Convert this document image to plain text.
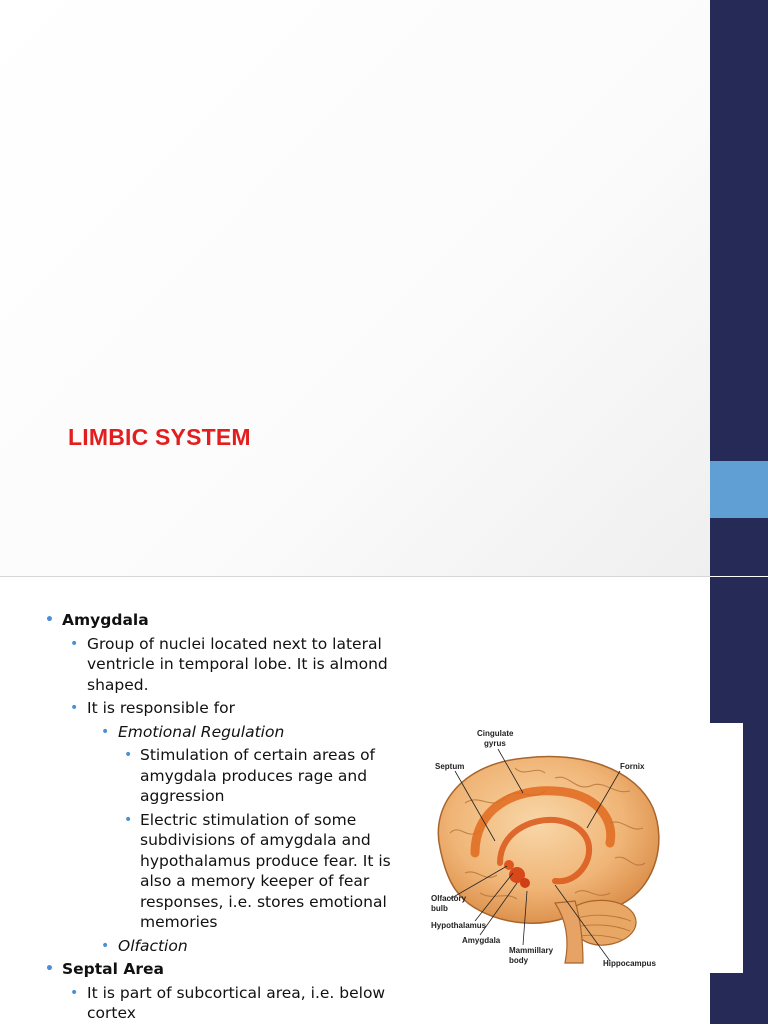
LIMBIC SYSTEM
• Amygdala
• Group of nuclei located next to lateral ventricle in temporal lobe. It is almond shaped.
• It is responsible for
• Emotional Regulation
• Stimulation of certain areas of amygdala produces rage and aggression
• Electric stimulation of some subdivisions of amygdala and hypothalamus produce fear. It is also a memory keeper of fear responses, i.e. stores emotional memories
• Olfaction
• Septal Area
• It is part of subcortical area, i.e. below cortex
Cingulate
gyrus
Septum	Fornix
Olfactory
bulb
Hypothalamus
Amygdala
Mammillary
body	Hippocampus
